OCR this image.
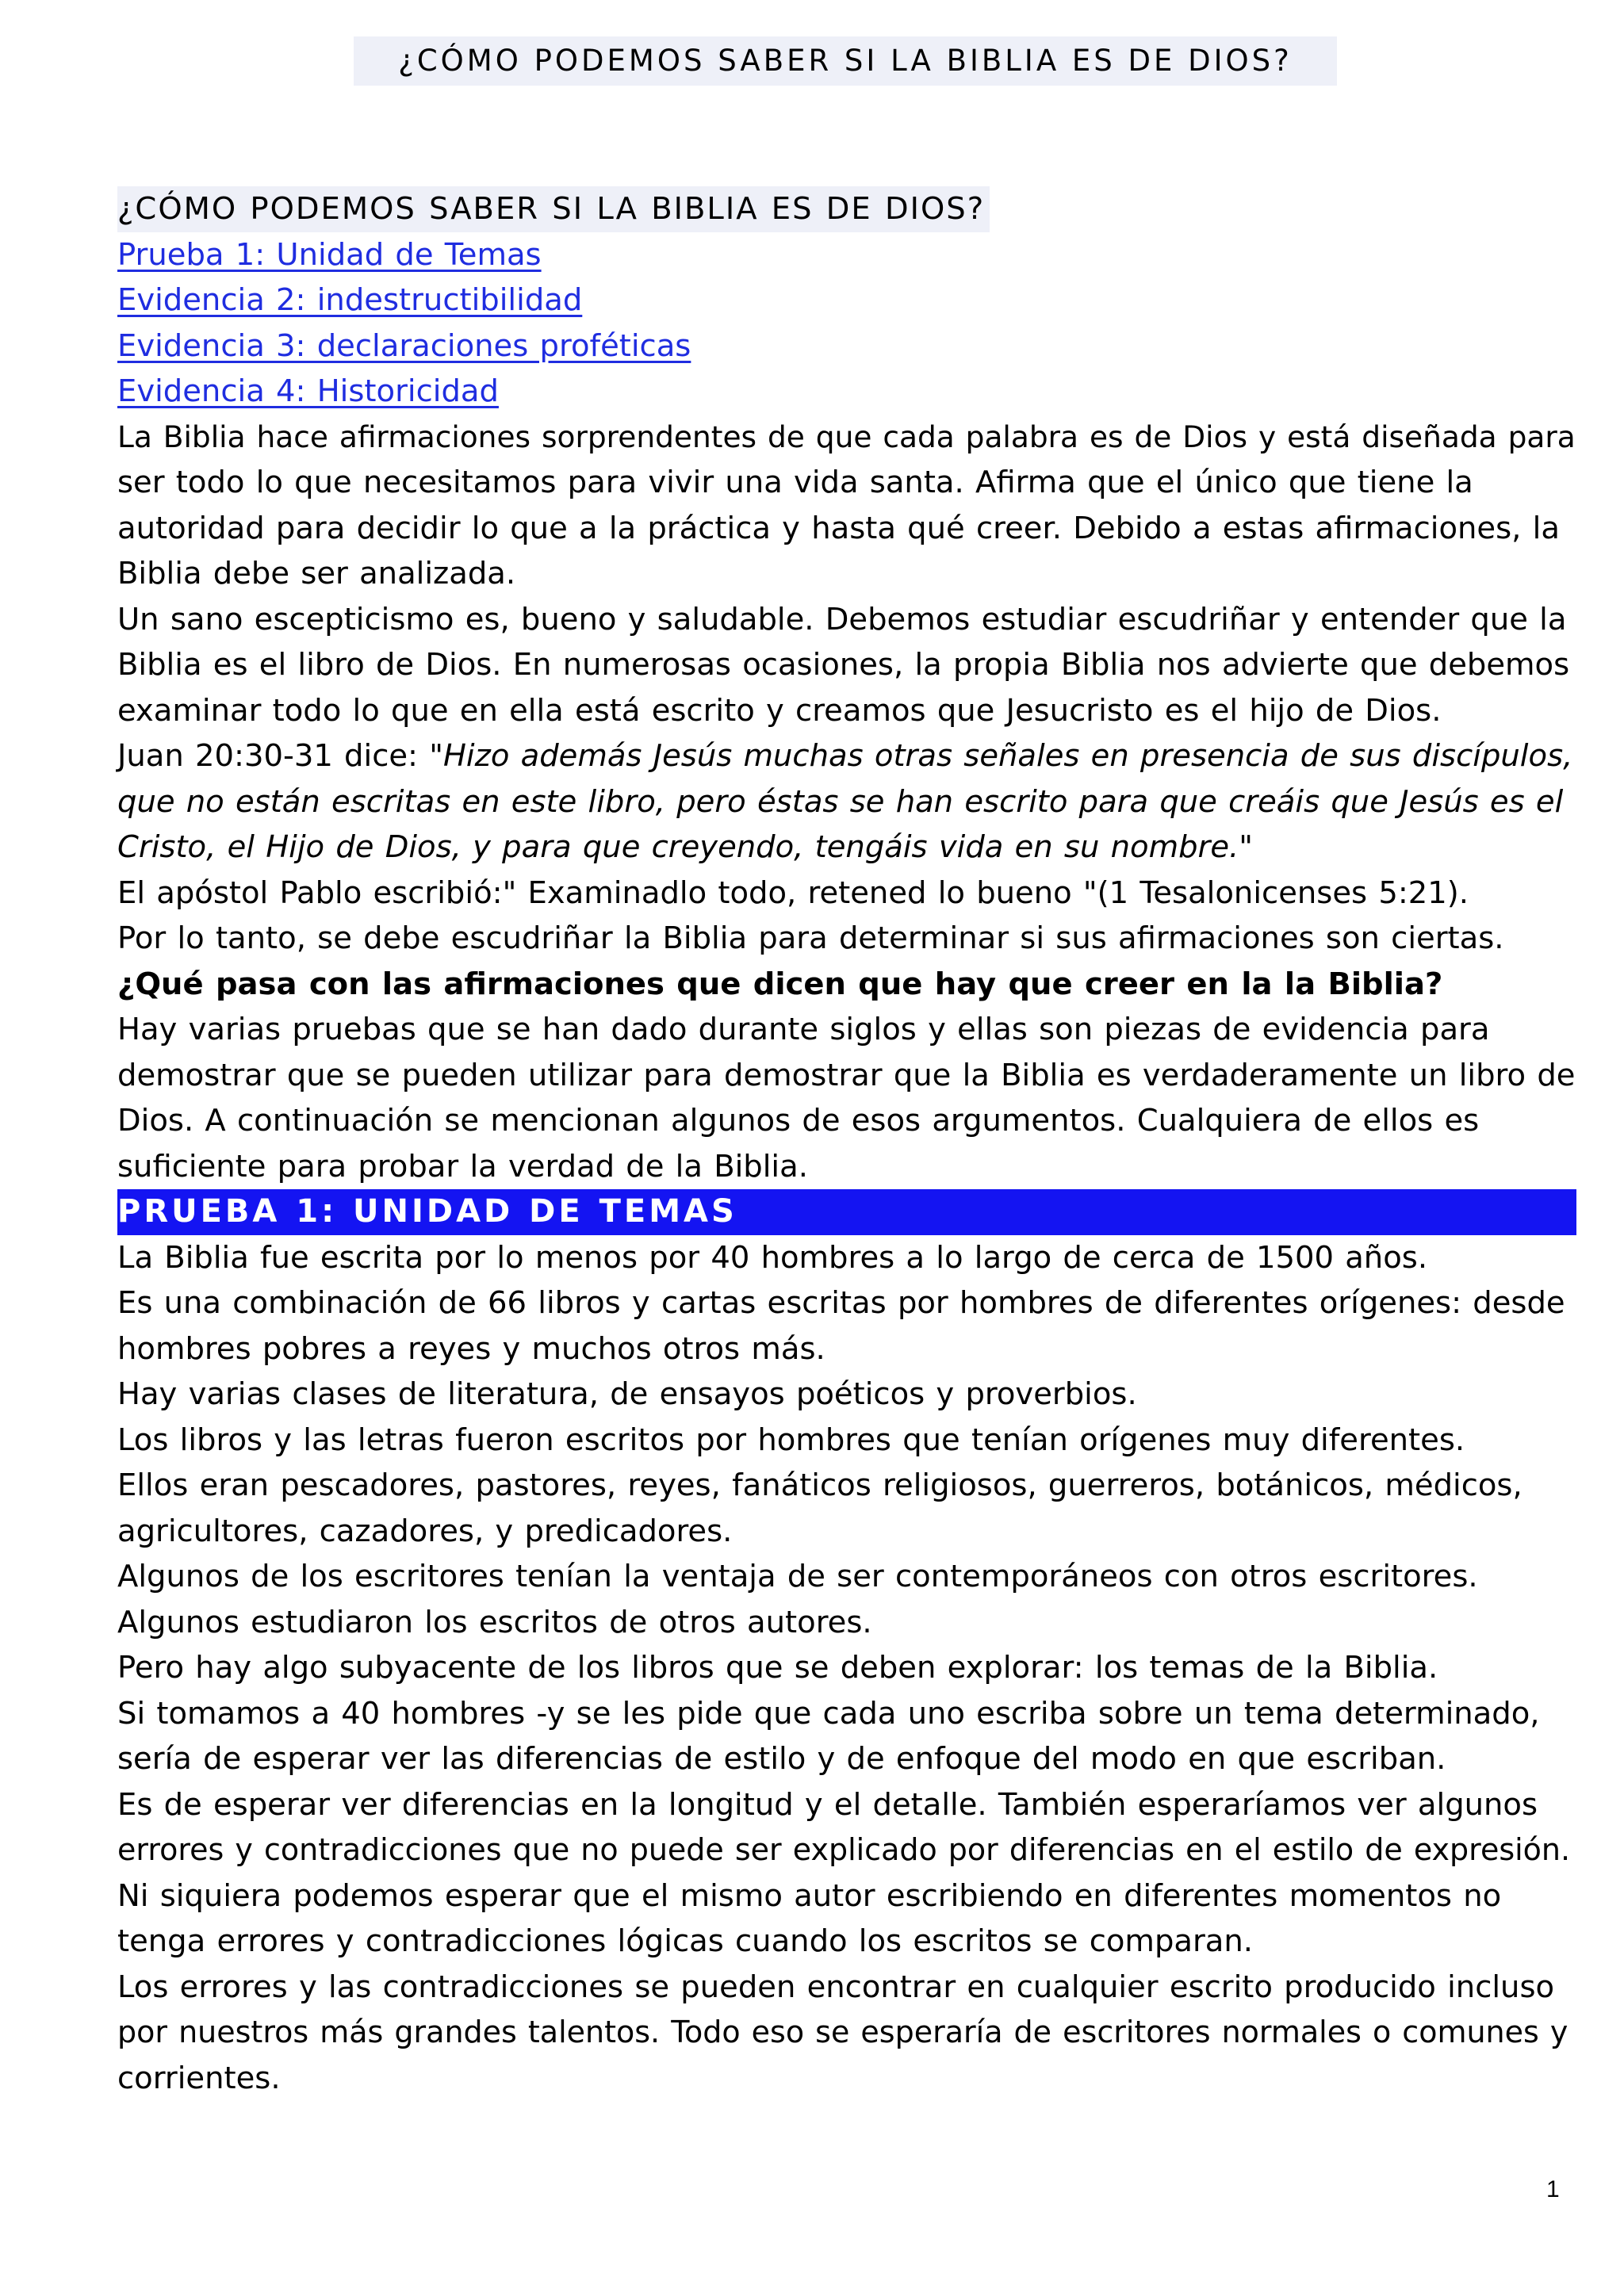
¿CÓMO PODEMOS SABER SI LA BIBLIA ES DE DIOS?
¿CÓMO PODEMOS SABER SI LA BIBLIA ES DE DIOS?
Prueba 1: Unidad de Temas
Evidencia 2: indestructibilidad
Evidencia 3: declaraciones proféticas
Evidencia 4: Historicidad
La Biblia hace afirmaciones sorprendentes de que cada palabra es de Dios y está diseñada para
ser todo lo que necesitamos para vivir una vida santa. Afirma que el único que tiene la
autoridad para decidir lo que a la práctica y hasta qué creer. Debido a estas afirmaciones, la
Biblia debe ser analizada.
Un sano escepticismo es, bueno y saludable. Debemos estudiar escudriñar y entender que la
Biblia es el libro de Dios. En numerosas ocasiones, la propia Biblia nos advierte que debemos
examinar todo lo que en ella está escrito y creamos que Jesucristo es el hijo de Dios.
Juan 20:30-31 dice: "Hizo además Jesús muchas otras señales en presencia de sus discípulos,
que no están escritas en este libro, pero éstas se han escrito para que creáis que Jesús es el
Cristo, el Hijo de Dios, y para que creyendo, tengáis vida en su nombre."
El apóstol Pablo escribió:" Examinadlo todo, retened lo bueno "(1 Tesalonicenses 5:21).
Por lo tanto, se debe escudriñar la Biblia para determinar si sus afirmaciones son ciertas.
¿Qué pasa con las afirmaciones que dicen que hay que creer en la la Biblia?
Hay varias pruebas que se han dado durante siglos y ellas son piezas de evidencia para
demostrar que se pueden utilizar para demostrar que la Biblia es verdaderamente un libro de
Dios. A continuación se mencionan algunos de esos argumentos. Cualquiera de ellos es
suficiente para probar la verdad de la Biblia.
PRUEBA 1: UNIDAD DE TEMAS
La Biblia fue escrita por lo menos por 40 hombres a lo largo de cerca de 1500 años.
Es una combinación de 66 libros y cartas escritas por hombres de diferentes orígenes: desde
hombres pobres a reyes y muchos otros más.
Hay varias clases de literatura, de ensayos poéticos y proverbios.
Los libros y las letras fueron escritos por hombres que tenían orígenes muy diferentes.
Ellos eran pescadores, pastores, reyes, fanáticos religiosos, guerreros, botánicos, médicos,
agricultores, cazadores, y predicadores.
Algunos de los escritores tenían la ventaja de ser contemporáneos con otros escritores.
Algunos estudiaron los escritos de otros autores.
Pero hay algo subyacente de los libros que se deben explorar: los temas de la Biblia.
Si tomamos a 40 hombres -y se les pide que cada uno escriba sobre un tema determinado,
sería de esperar ver las diferencias de estilo y de enfoque del modo en que escriban.
Es de esperar ver diferencias en la longitud y el detalle. También esperaríamos ver algunos
errores y contradicciones que no puede ser explicado por diferencias en el estilo de expresión.
Ni siquiera podemos esperar que el mismo autor escribiendo en diferentes momentos no
tenga errores y contradicciones lógicas cuando los escritos se comparan.
Los errores y las contradicciones se pueden encontrar en cualquier escrito producido incluso
por nuestros más grandes talentos. Todo eso se esperaría de escritores normales o comunes y
corrientes.
1
